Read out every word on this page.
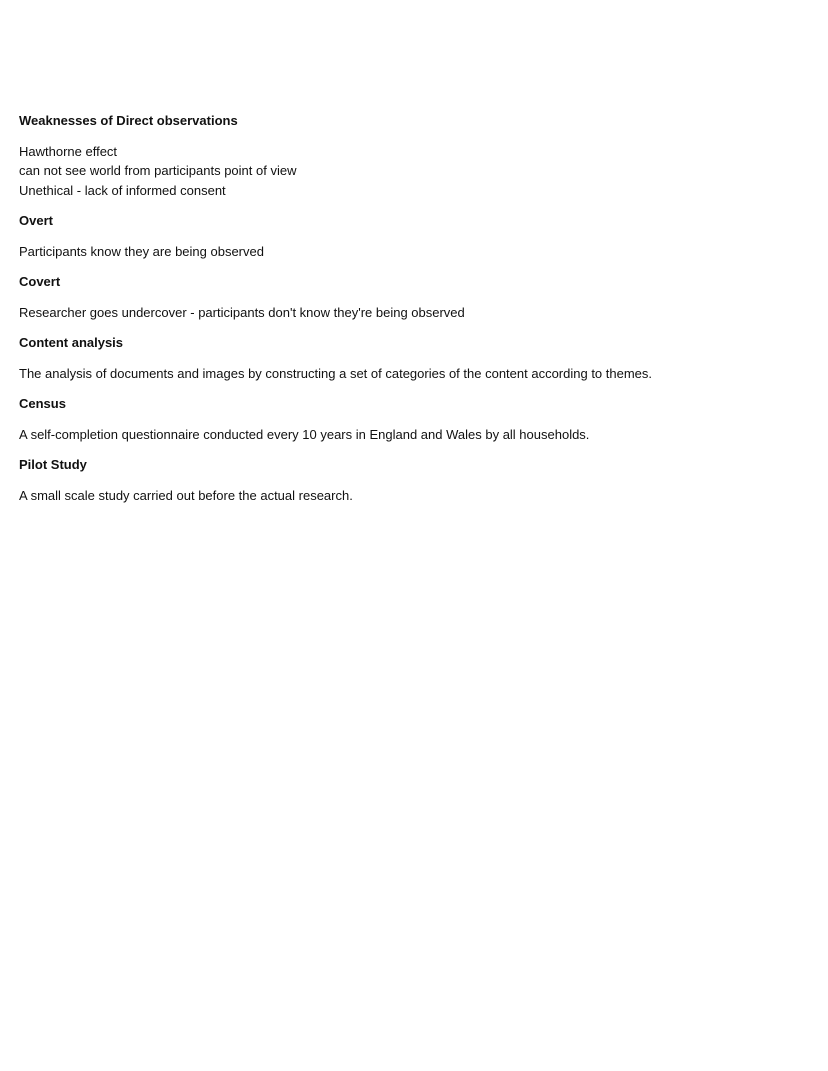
Weaknesses of Direct observations
Hawthorne effect
can not see world from participants point of view
Unethical - lack of informed consent
Overt
Participants know they are being observed
Covert
Researcher goes undercover - participants don't know they're being observed
Content analysis
The analysis of documents and images by constructing a set of categories of the content according to themes.
Census
A self-completion questionnaire conducted every 10 years in England and Wales by all households.
Pilot Study
A small scale study carried out before the actual research.
